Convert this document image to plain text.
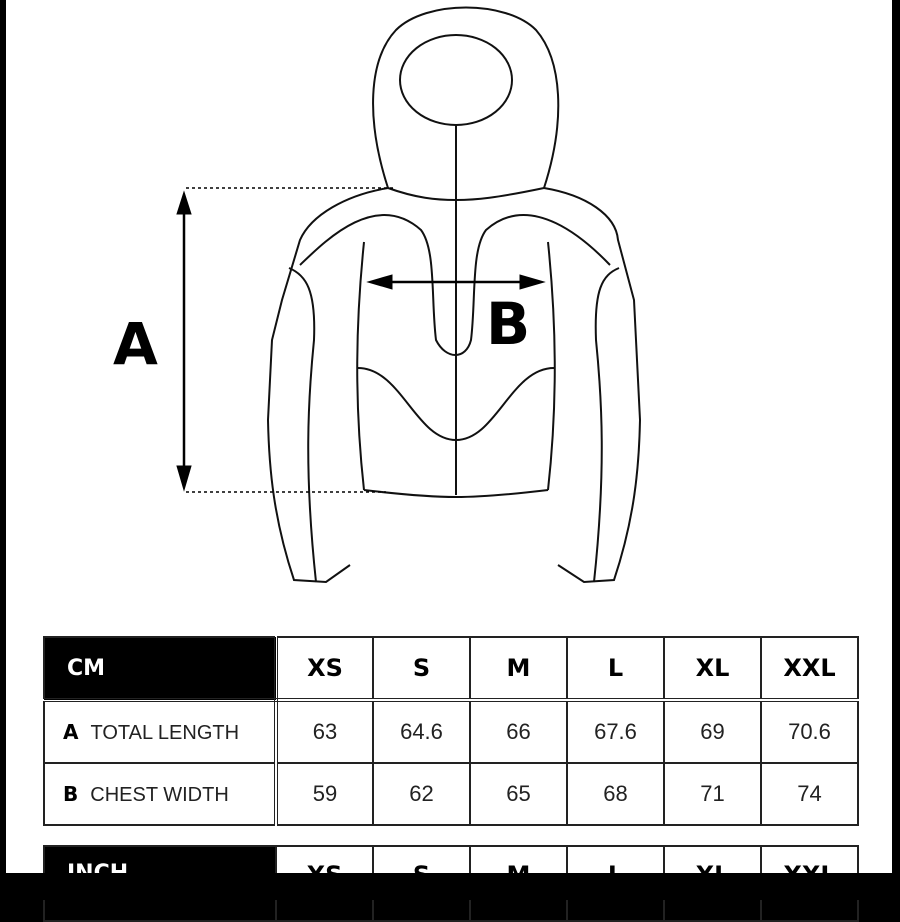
A	B
CM	XS	S	M	L	XL	XXL
A TOTAL LENGTH	63	64.6	66	67.6	69	70.6
B CHEST WIDTH	59	62	65	68	71	74
